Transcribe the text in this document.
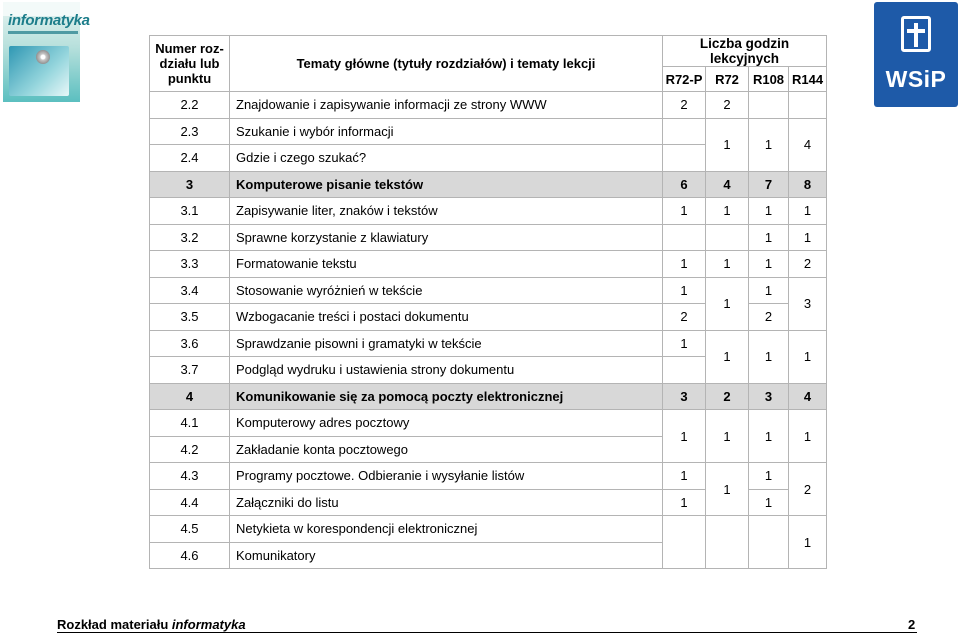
informatyka
WSiP
Numer roz-działu lub punktu	Tematy główne (tytuły rozdziałów) i tematy lekcji	Liczba godzin lekcyjnych			
		R72-P	R72	R108	R144
2.2	Znajdowanie i zapisywanie informacji ze strony WWW	2	2		
2.3	Szukanie i wybór informacji		1	1	4
2.4	Gdzie i czego szukać?				
3	Komputerowe pisanie tekstów	6	4	7	8
3.1	Zapisywanie liter, znaków i tekstów	1	1	1	1
3.2	Sprawne korzystanie z klawiatury			1	1
3.3	Formatowanie tekstu	1	1	1	2
3.4	Stosowanie wyróżnień w tekście	1	1	1	3
3.5	Wzbogacanie treści i postaci dokumentu	2		2	
3.6	Sprawdzanie pisowni i gramatyki w tekście	1	1	1	1
3.7	Podgląd wydruku i ustawienia strony dokumentu				
4	Komunikowanie się za pomocą poczty elektronicznej	3	2	3	4
4.1	Komputerowy adres pocztowy	1	1	1	1
4.2	Zakładanie konta pocztowego				
4.3	Programy pocztowe. Odbieranie i wysyłanie listów	1	1	1	2
4.4	Załączniki do listu	1		1	
4.5	Netykieta w korespondencji elektronicznej				1
4.6	Komunikatory				
Rozkład materiału informatyka	2
